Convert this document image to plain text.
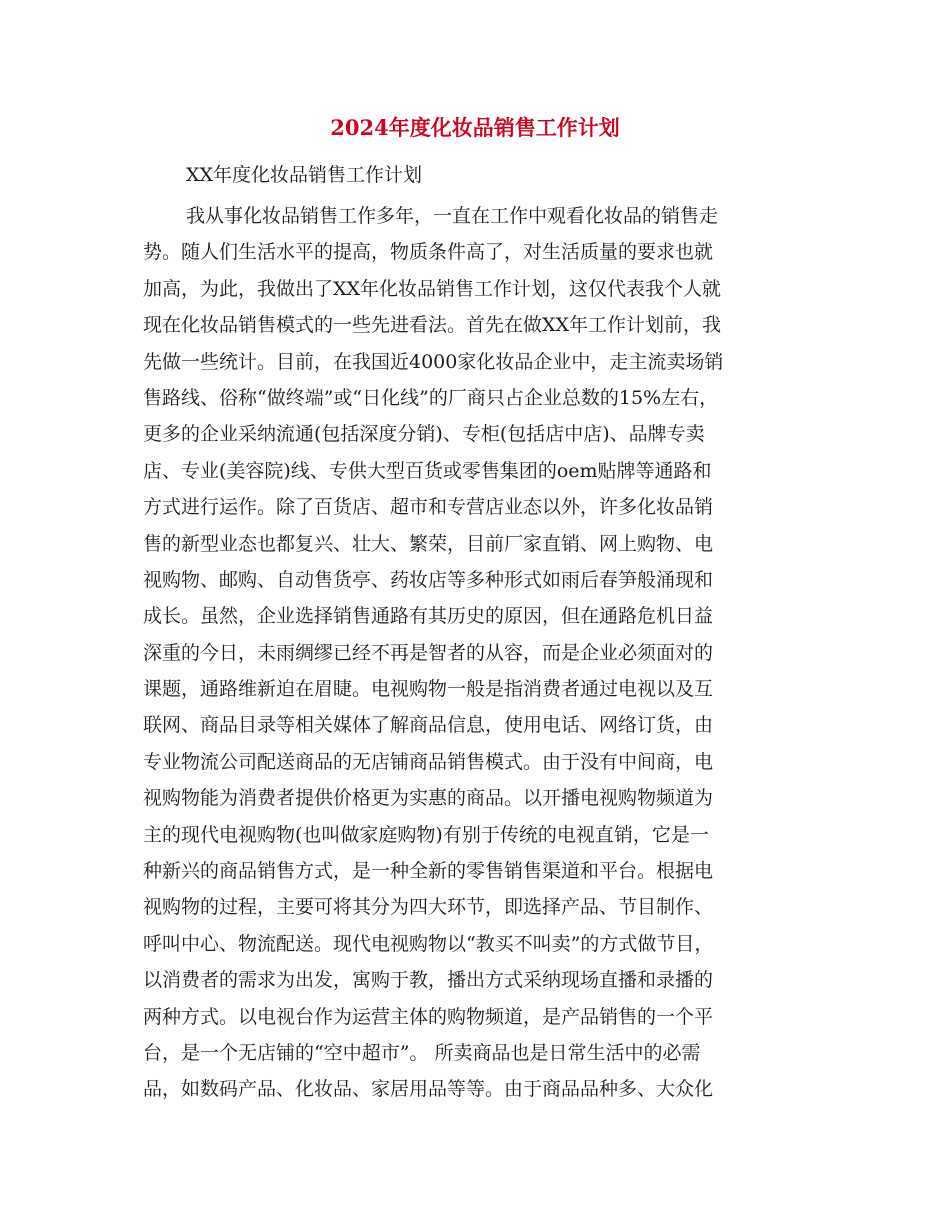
2024年度化妆品销售工作计划

XX年度化妆品销售工作计划

我从事化妆品销售工作多年，一直在工作中观看化妆品的销售走
势。随人们生活水平的提高，物质条件高了，对生活质量的要求也就
加高，为此，我做出了XX年化妆品销售工作计划，这仅代表我个人就
现在化妆品销售模式的一些先进看法。首先在做XX年工作计划前，我
先做一些统计。目前，在我国近4000家化妆品企业中，走主流卖场销
售路线、俗称“做终端”或“日化线”的厂商只占企业总数的15%左右，
更多的企业采纳流通(包括深度分销)、专柜(包括店中店)、品牌专卖
店、专业(美容院)线、专供大型百货或零售集团的oem贴牌等通路和
方式进行运作。除了百货店、超市和专营店业态以外，许多化妆品销
售的新型业态也都复兴、壮大、繁荣，目前厂家直销、网上购物、电
视购物、邮购、自动售货亭、药妆店等多种形式如雨后春笋般涌现和
成长。虽然，企业选择销售通路有其历史的原因，但在通路危机日益
深重的今日，未雨绸缪已经不再是智者的从容，而是企业必须面对的
课题，通路维新迫在眉睫。电视购物一般是指消费者通过电视以及互
联网、商品目录等相关媒体了解商品信息，使用电话、网络订货，由
专业物流公司配送商品的无店铺商品销售模式。由于没有中间商，电
视购物能为消费者提供价格更为实惠的商品。以开播电视购物频道为
主的现代电视购物(也叫做家庭购物)有别于传统的电视直销，它是一
种新兴的商品销售方式，是一种全新的零售销售渠道和平台。根据电
视购物的过程，主要可将其分为四大环节，即选择产品、节目制作、
呼叫中心、物流配送。现代电视购物以“教买不叫卖”的方式做节目，
以消费者的需求为出发，寓购于教，播出方式采纳现场直播和录播的
两种方式。以电视台作为运营主体的购物频道，是产品销售的一个平
台，是一个无店铺的“空中超市”。 所卖商品也是日常生活中的必需
品，如数码产品、化妆品、家居用品等等。由于商品品种多、大众化
